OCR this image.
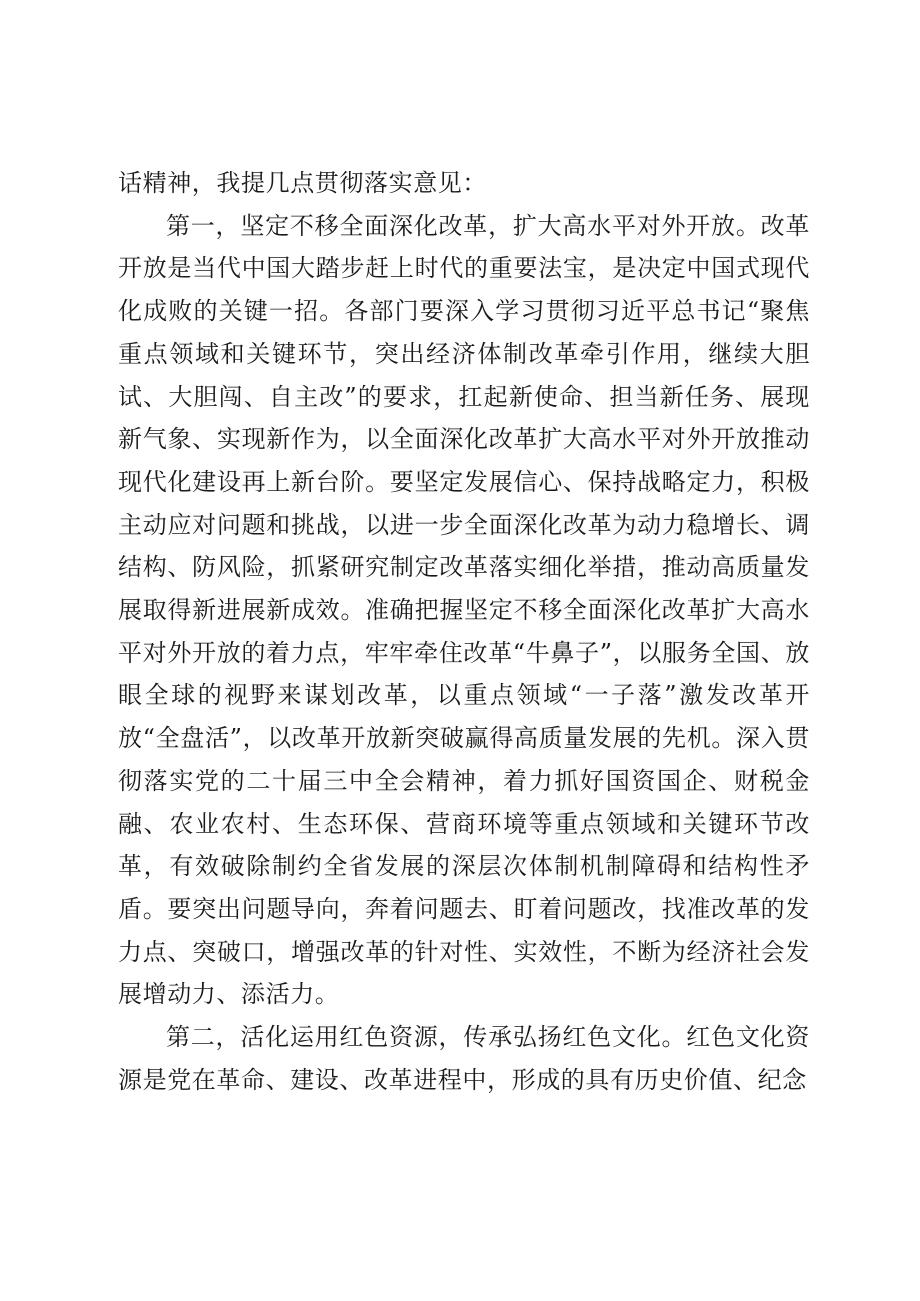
话精神，我提几点贯彻落实意见：

第一，坚定不移全面深化改革，扩大高水平对外开放。改革开放是当代中国大踏步赶上时代的重要法宝，是决定中国式现代化成败的关键一招。各部门要深入学习贯彻习近平总书记“聚焦重点领域和关键环节，突出经济体制改革牵引作用，继续大胆试、大胆闯、自主改”的要求，扛起新使命、担当新任务、展现新气象、实现新作为，以全面深化改革扩大高水平对外开放推动现代化建设再上新台阶。要坚定发展信心、保持战略定力，积极主动应对问题和挑战，以进一步全面深化改革为动力稳增长、调结构、防风险，抓紧研究制定改革落实细化举措，推动高质量发展取得新进展新成效。准确把握坚定不移全面深化改革扩大高水平对外开放的着力点，牢牢牵住改革“牛鼻子”，以服务全国、放眼全球的视野来谋划改革，以重点领域“一子落”激发改革开放“全盘活”，以改革开放新突破赢得高质量发展的先机。深入贯彻落实党的二十届三中全会精神，着力抓好国资国企、财税金融、农业农村、生态环保、营商环境等重点领域和关键环节改革，有效破除制约全省发展的深层次体制机制障碍和结构性矛盾。要突出问题导向，奔着问题去、盯着问题改，找准改革的发力点、突破口，增强改革的针对性、实效性，不断为经济社会发展增动力、添活力。

第二，活化运用红色资源，传承弘扬红色文化。红色文化资源是党在革命、建设、改革进程中，形成的具有历史价值、纪念
